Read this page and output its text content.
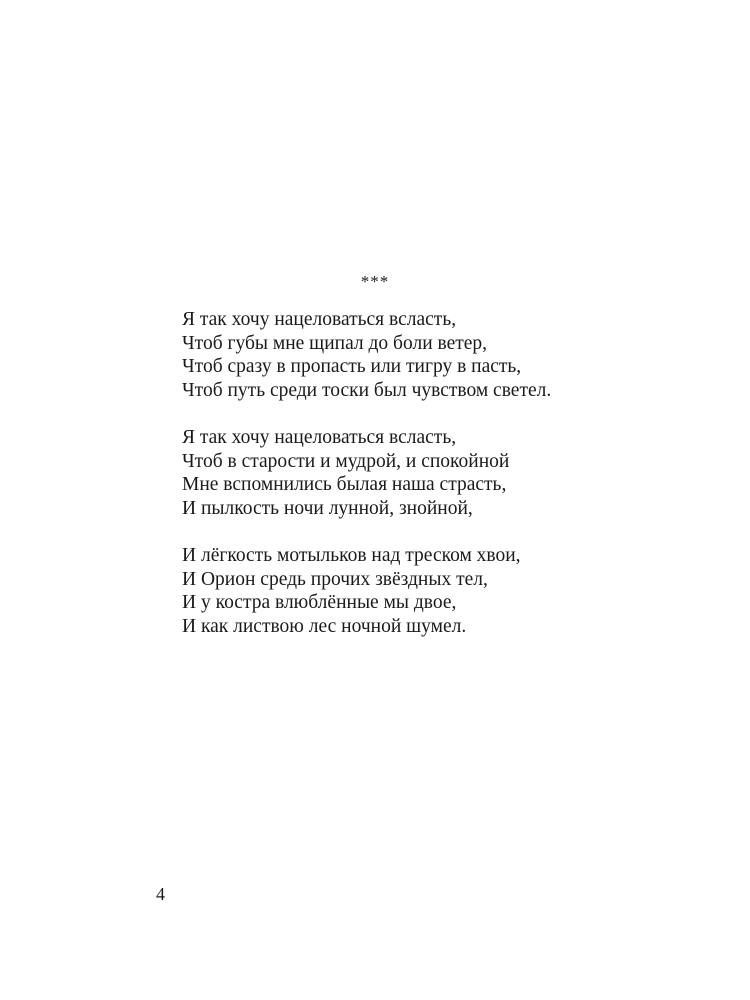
***
Я так хочу нацеловаться всласть,
Чтоб губы мне щипал до боли ветер,
Чтоб сразу в пропасть или тигру в пасть,
Чтоб путь среди тоски был чувством светел.
Я так хочу нацеловаться всласть,
Чтоб в старости и мудрой, и спокойной
Мне вспомнились былая наша страсть,
И пылкость ночи лунной, знойной,
И лёгкость мотыльков над треском хвои,
И Орион средь прочих звёздных тел,
И у костра влюблённые мы двое,
И как листвою лес ночной шумел.
4
